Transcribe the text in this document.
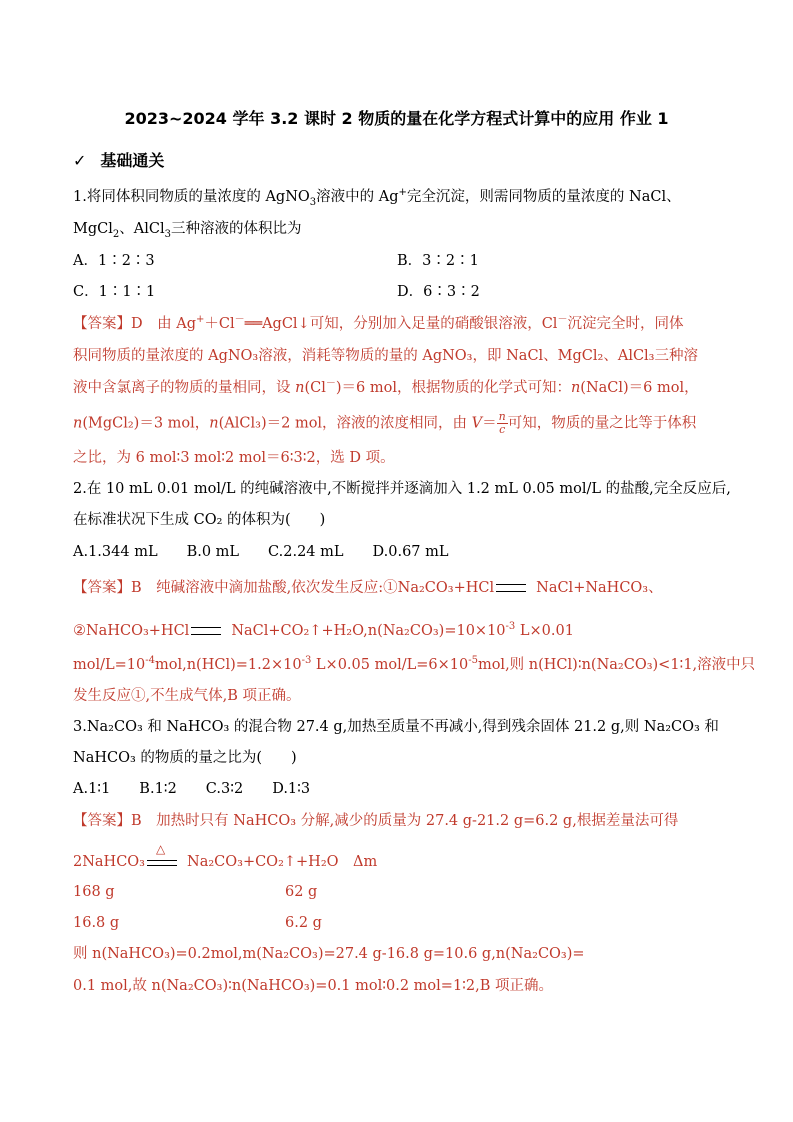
2023~2024 学年 3.2 课时 2 物质的量在化学方程式计算中的应用 作业 1
✓ 基础通关
1.将同体积同物质的量浓度的 AgNO$_3$溶液中的 Ag+完全沉淀，则需同物质的量浓度的 NaCl、
MgCl$_2$、AlCl$_3$三种溶液的体积比为
A．1∶2∶3	B．3∶2∶1
C．1∶1∶1	D．6∶3∶2
【答案】D　由 Ag+＋Cl－══AgCl↓可知，分别加入足量的硝酸银溶液，Cl－沉淀完全时，同体
积同物质的量浓度的 AgNO₃溶液，消耗等物质的量的 AgNO₃，即 NaCl、MgCl₂、AlCl₃三种溶
液中含氯离子的物质的量相同，设 n(Cl－)＝6 mol，根据物质的化学式可知：n(NaCl)＝6 mol，
n(MgCl₂)＝3 mol，n(AlCl₃)＝2 mol，溶液的浓度相同，由 $V= \frac{n}{c}$ 可知，物质的量之比等于体积
之比，为 6 mol∶3 mol∶2 mol＝6∶3∶2，选 D 项。
2.在 10 mL 0.01 mol/L 的纯碱溶液中,不断搅拌并逐滴加入 1.2 mL 0.05 mol/L 的盐酸,完全反应后,
在标准状况下生成 CO₂ 的体积为(　　)
A.1.344 mL　　B.0 mL　　C.2.24 mL　　D.0.67 mL
【答案】B　纯碱溶液中滴加盐酸,依次发生反应:①Na₂CO₃+HCl	NaCl+NaHCO₃、
②NaHCO₃+HCl	$NaCl+CO_2↑+H_2O,n(Na_2CO_3)=10\times 10^{-3}$ L×0.01
mol/$L=10^{-4}mol,n(HCl)=1.2\times 10^{-3}$ L×0.05 mol/$L=6\times 10^{-5}mol$,则 n(HCl)∶n(Na₂CO₃)<1∶1,溶液中只
发生反应①,不生成气体,B 项正确。
3.Na₂CO₃ 和 NaHCO₃ 的混合物 27.4 g,加热至质量不再减小,得到残余固体 21.2 g,则 Na₂CO₃ 和
NaHCO₃ 的物质的量之比为(　　)
A.1∶1　　B.1∶2　　C.3∶2　　D.1∶3
【答案】B　加热时只有 NaHCO₃ 分解,减少的质量为 27.4 g-21.2 g=6.2 g,根据差量法可得
2NaHCO₃
△
Na₂CO₃+CO₂↑+H₂O　Δm
168 g	62 g
16.8 g	6.2 g
则 n(NaHCO₃)=0.2mol,m(Na₂CO₃)=27.4 g-16.8 g=10.6 g,n(Na₂CO₃)=
0.1 mol,故 n(Na₂CO₃)∶n(NaHCO₃)=0.1 mol∶0.2 mol=1∶2,B 项正确。
